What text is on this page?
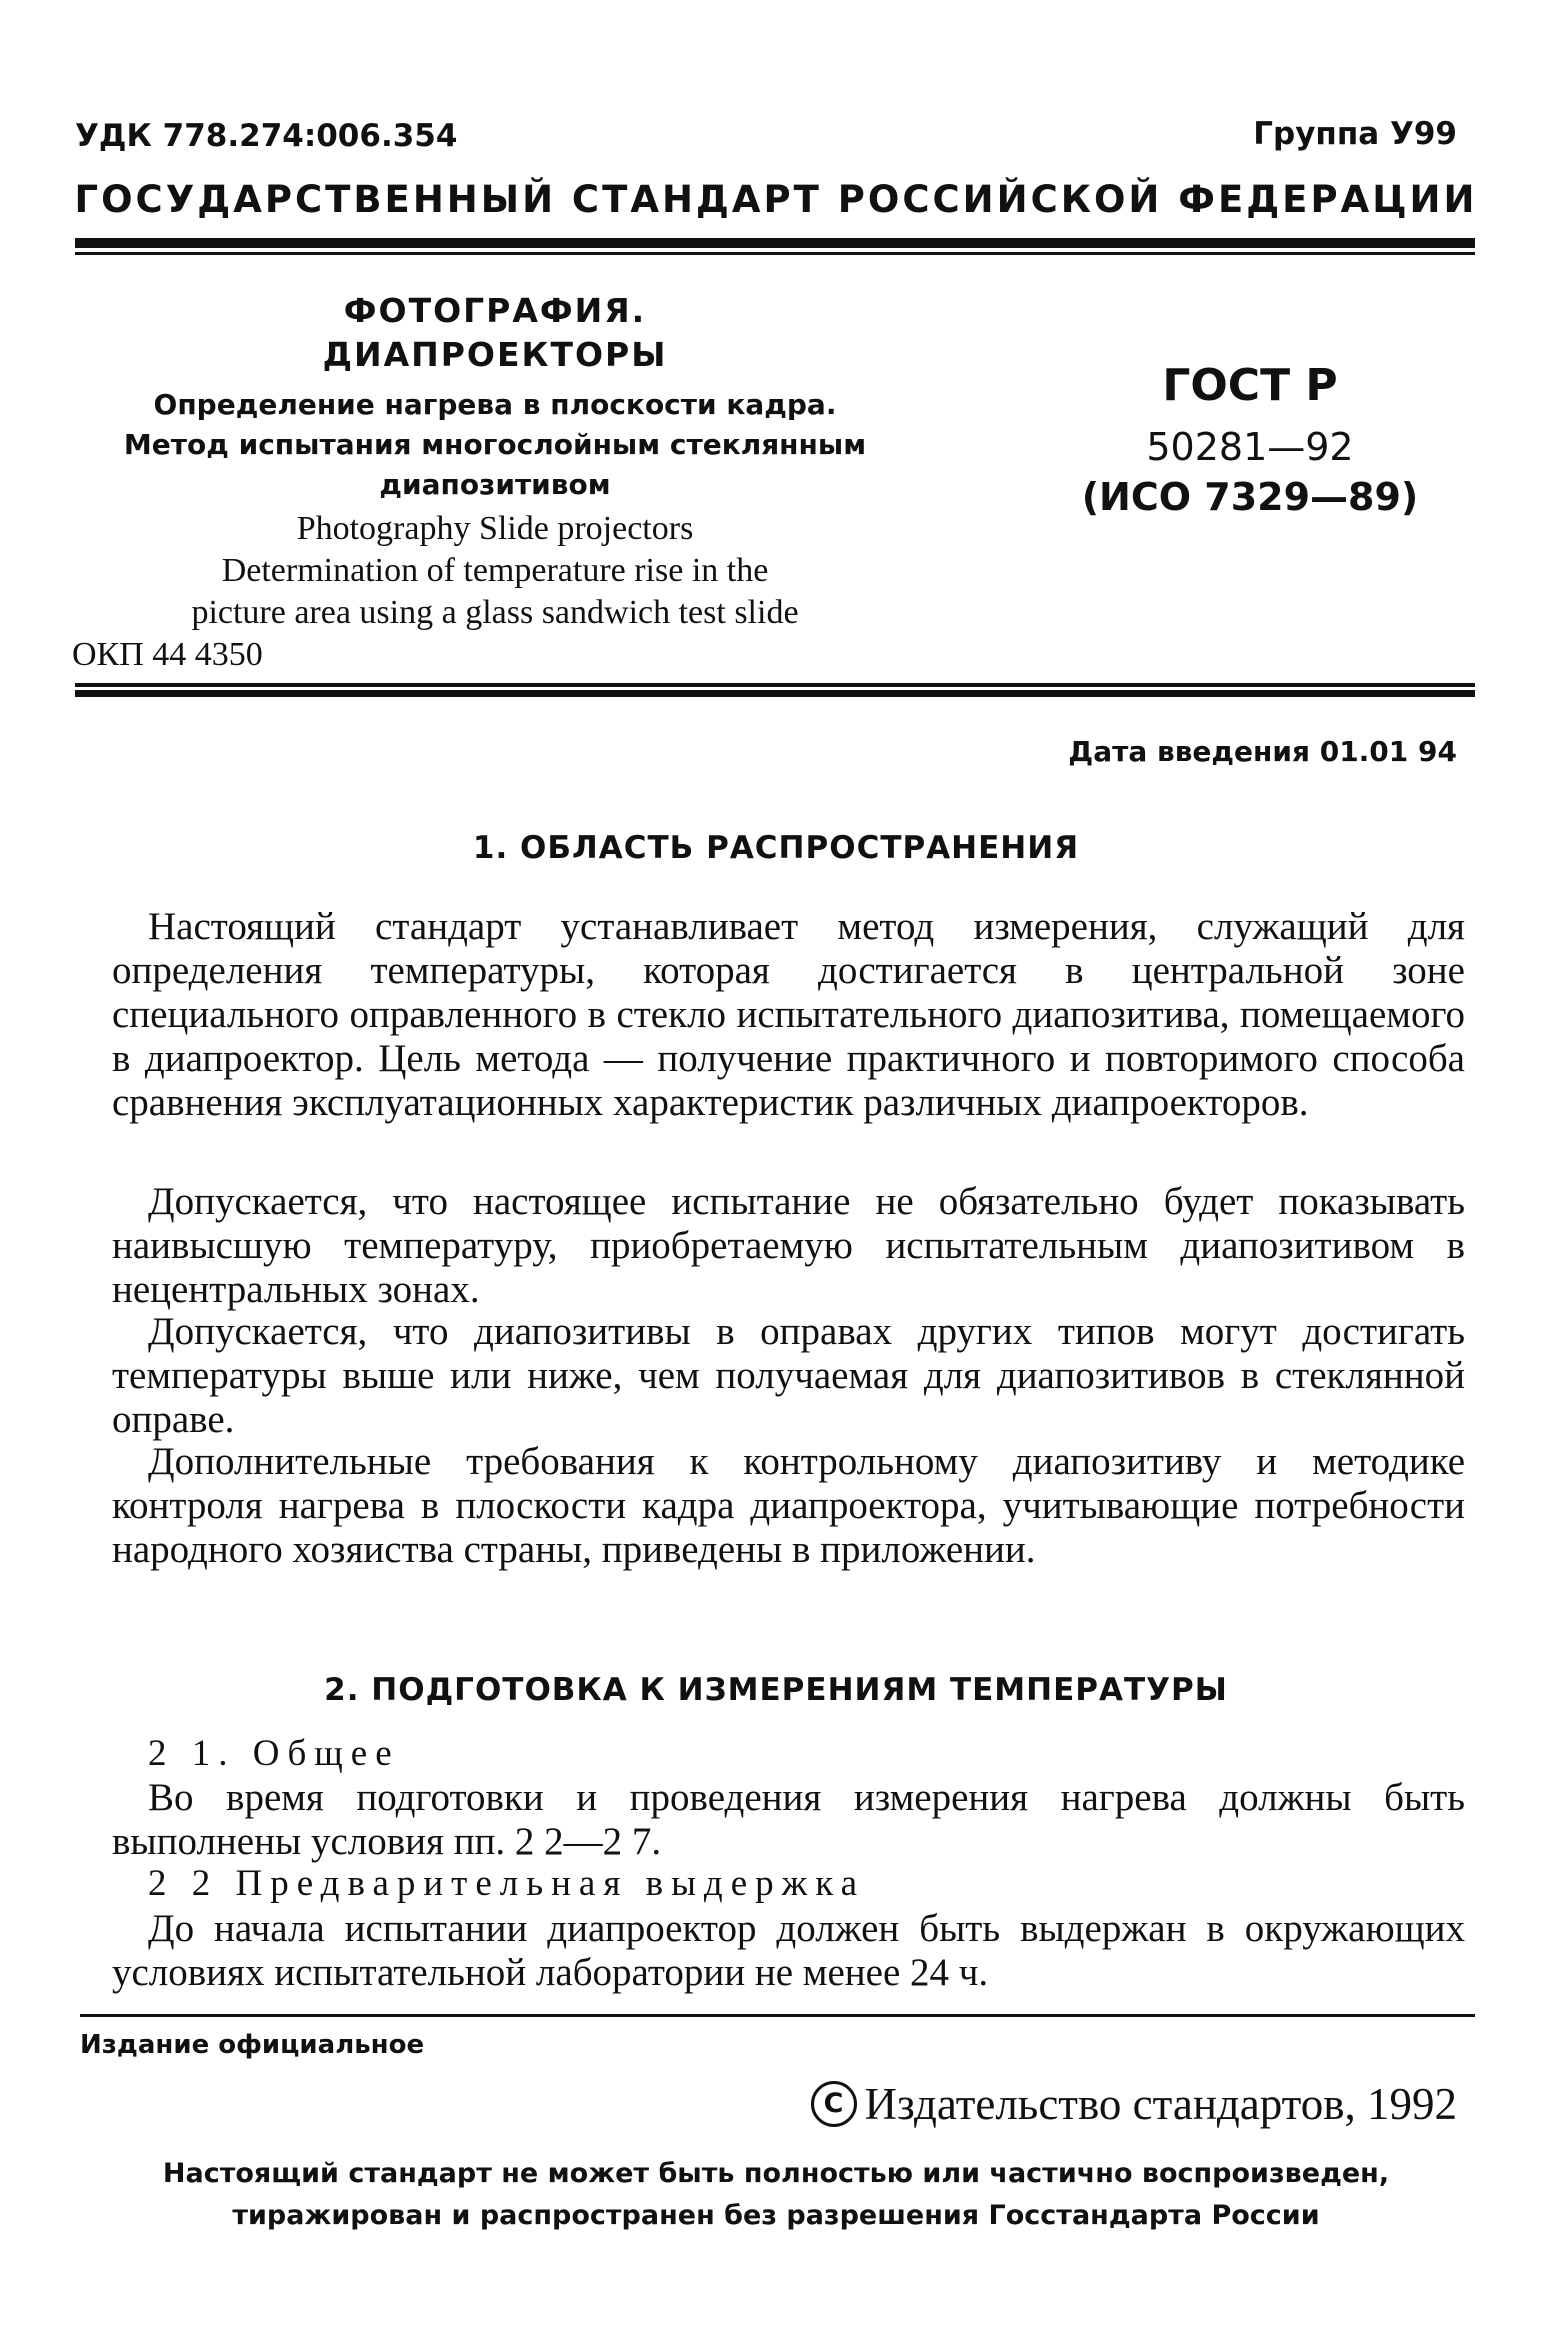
УДК 778.274:006.354	Группа У99
ГОСУДАРСТВЕННЫЙ СТАНДАРТ РОССИЙСКОЙ ФЕДЕРАЦИИ
ФОТОГРАФИЯ.
ДИАПРОЕКТОРЫ
Определение нагрева в плоскости кадра.
Метод испытания многослойным стеклянным
диапозитивом
Photography Slide projectors
Determination of temperature rise in the
picture area using a glass sandwich test slide
ОКП 44 4350
ГОСТ Р
50281—92
(ИСО 7329—89)
Дата введения 01.01 94
1. ОБЛАСТЬ РАСПРОСТРАНЕНИЯ

Настоящий стандарт устанавливает метод измерения, служащий для определения температуры, которая достигается в центральной зоне специального оправленного в стекло испытательного диапозитива, помещаемого в диапроектор. Цель метода — получение практичного и повторимого способа сравнения эксплуатационных характеристик различных диапроекторов.

Допускается, что настоящее испытание не обязательно будет показывать наивысшую температуру, приобретаемую испытательным диапозитивом в нецентральных зонах.

Допускается, что диапозитивы в оправах других типов могут достигать температуры выше или ниже, чем получаемая для диапозитивов в стеклянной оправе.

Дополнительные требования к контрольному диапозитиву и методике контроля нагрева в плоскости кадра диапроектора, учитывающие потребности народного хозяиства страны, приведены в приложении.

2. ПОДГОТОВКА К ИЗМЕРЕНИЯМ ТЕМПЕРАТУРЫ
2 1. Общее

Во время подготовки и проведения измерения нагрева должны быть выполнены условия пп. 2 2—2 7.

2 2 Предварительная выдержка

До начала испытании диапроектор должен быть выдержан в окружающих условиях испытательной лаборатории не менее 24 ч.

Издание официальное
C Издательство стандартов, 1992
Настоящий стандарт не может быть полностью или частично воспроизведен,
тиражирован и распространен без разрешения Госстандарта России
